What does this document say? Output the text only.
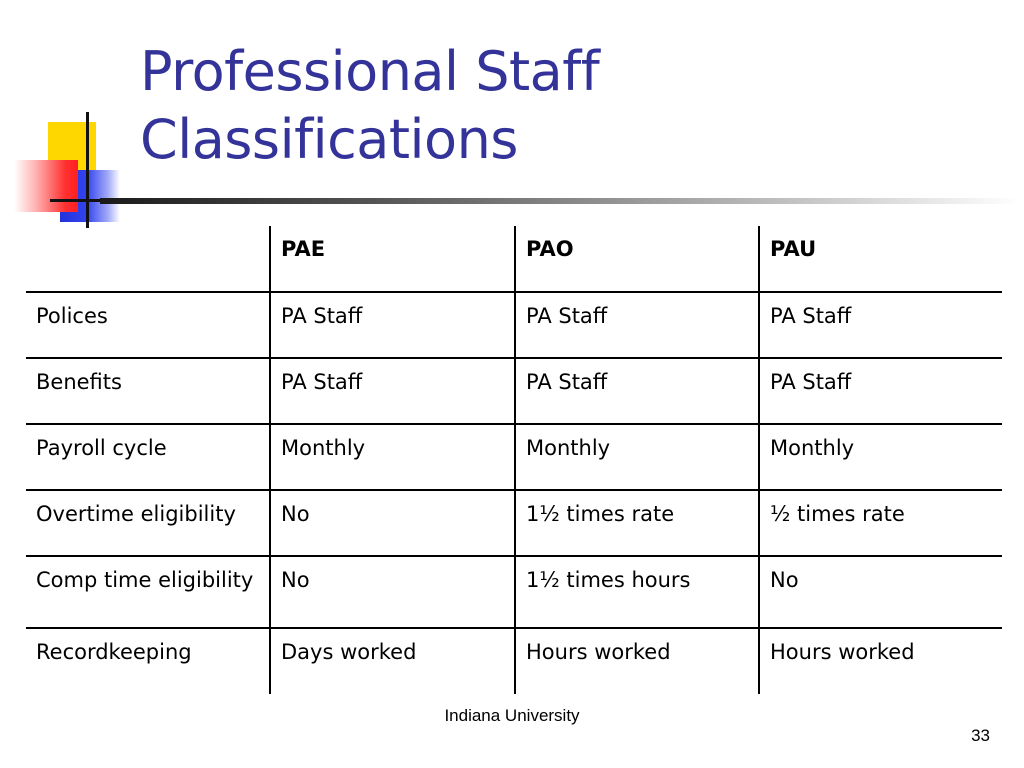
Professional Staff
Classifications
	PAE	PAO	PAU
Polices	PA Staff	PA Staff	PA Staff
Benefits	PA Staff	PA Staff	PA Staff
Payroll cycle	Monthly	Monthly	Monthly
Overtime eligibility	No	1½ times rate	½ times rate
Comp time eligibility	No	1½ times hours	No
Recordkeeping	Days worked	Hours worked	Hours worked
Indiana University
33
